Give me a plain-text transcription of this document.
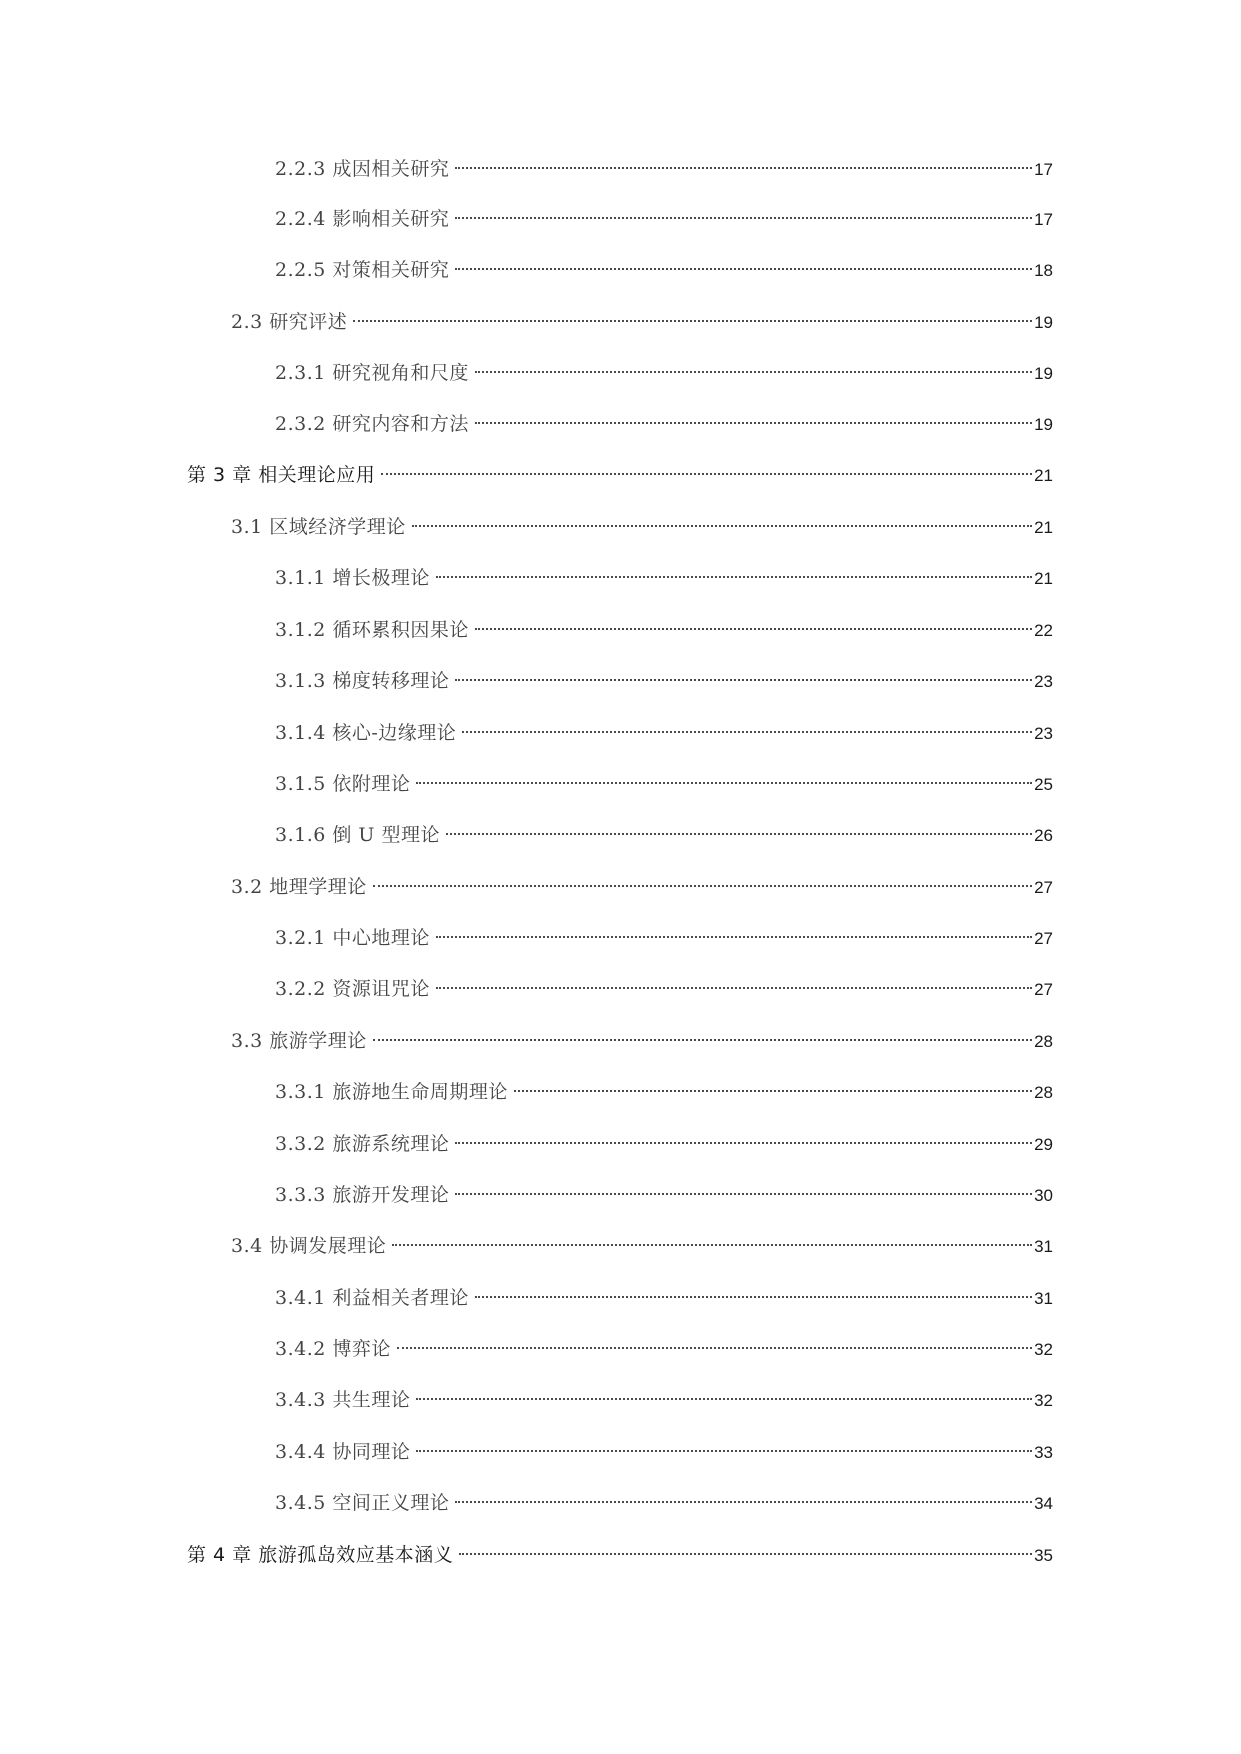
2.2.3 成因相关研究	17
2.2.4 影响相关研究	17
2.2.5 对策相关研究	18
2.3 研究评述	19
2.3.1 研究视角和尺度	19
2.3.2 研究内容和方法	19
第 3 章 相关理论应用	21
3.1 区域经济学理论	21
3.1.1 增长极理论	21
3.1.2 循环累积因果论	22
3.1.3 梯度转移理论	23
3.1.4 核心-边缘理论	23
3.1.5 依附理论	25
3.1.6 倒 U 型理论	26
3.2 地理学理论	27
3.2.1 中心地理论	27
3.2.2 资源诅咒论	27
3.3 旅游学理论	28
3.3.1 旅游地生命周期理论	28
3.3.2 旅游系统理论	29
3.3.3 旅游开发理论	30
3.4 协调发展理论	31
3.4.1 利益相关者理论	31
3.4.2 博弈论	32
3.4.3 共生理论	32
3.4.4 协同理论	33
3.4.5 空间正义理论	34
第 4 章 旅游孤岛效应基本涵义	35
